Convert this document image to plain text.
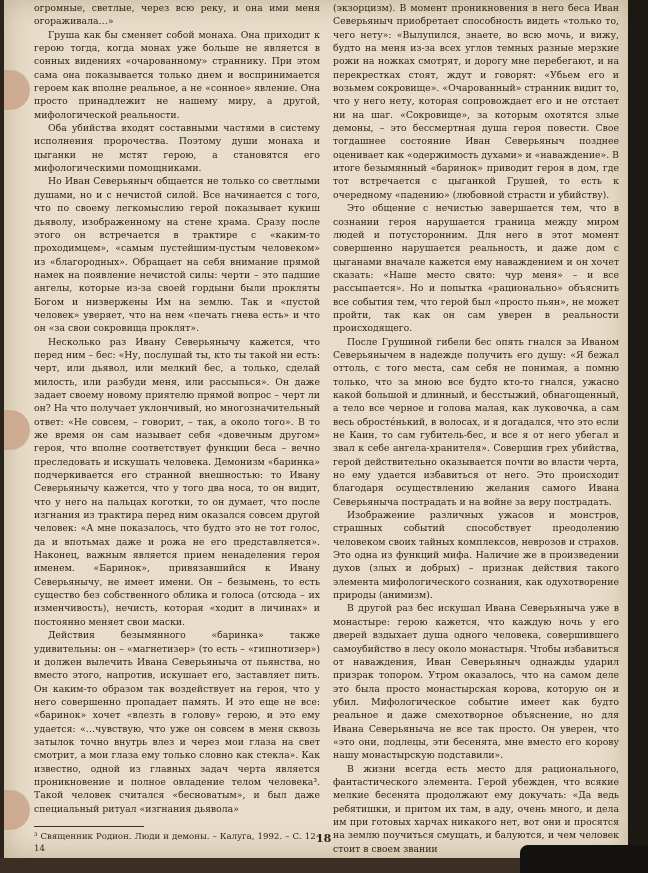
огромные, светлые, через всю реку, и она ими меня огораживала…»

Груша как бы сменяет собой монаха. Она приходит к герою тогда, когда монах уже больше не является в сонных видениях «очарованному» страннику. При этом сама она показывается только днем и воспринимается героем как вполне реальное, а не «сонное» явление. Она просто принадлежит не нашему миру, а другой, мифологической реальности.

Оба убийства входят составными частями в систему исполнения пророчества. Поэтому души монаха и цыганки не мстят герою, а становятся его мифологическими помощниками.

Но Иван Северьяныч общается не только со светлыми душами, но и с нечистой силой. Все начинается с того, что по своему легкомыслию герой показывает кукиш дьяволу, изображенному на стене храма. Сразу после этого он встречается в трактире с «каким-то проходимцем», «самым пустейшим-пустым человеком» из «благородных». Обращает на себя внимание прямой намек на появление нечистой силы: черти – это падшие ангелы, которые из-за своей гордыни были прокляты Богом и низвержены Им на землю. Так и «пустой человек» уверяет, что на нем «печать гнева есть» и что он «за свои сокровища проклят».

Несколько раз Ивану Северьянычу кажется, что перед ним – бес: «Ну, послушай ты, кто ты такой ни есть: черт, или дьявол, или мелкий бес, а только, сделай милость, или разбуди меня, или рассыпься». Он даже задает своему новому приятелю прямой вопрос – черт ли он? На что получает уклончивый, но многозначительный ответ: «Не совсем, – говорит, – так, а около того». В то же время он сам называет себя «довечным другом» героя, что вполне соответствует функции беса – вечно преследовать и искушать человека. Демонизм «баринка» подчеркивается его странной внешностью: то Ивану Северьянычу кажется, что у того два носа, то он видит, что у него на пальцах коготки, то он думает, что после изгнания из трактира перед ним оказался совсем другой человек: «А мне показалось, что будто это не тот голос, да и впотьмах даже и рожа не его представляется». Наконец, важным является прием ненаделения героя именем. «Баринок», привязавшийся к Ивану Северьянычу, не имеет имени. Он – безымень, то есть существо без собственного облика и голоса (отсюда – их изменчивость), нечисть, которая «ходит в личинах» и постоянно меняет свои маски.

Действия безымянного «баринка» также удивительны: он – «магнетизер» (то есть – «гипнотизер») и должен вылечить Ивана Северьяныча от пьянства, но вместо этого, напротив, искушает его, заставляет пить. Он каким-то образом так воздействует на героя, что у него совершенно пропадает память. И это еще не все: «баринок» хочет «влезть в голову» герою, и это ему удается: «…чувствую, что уже он совсем в меня сквозь затылок точно внутрь влез и через мои глаза на свет смотрит, а мои глаза ему только словно как стекла». Как известно, одной из главных задач черта является проникновение и полное овладение телом человека³. Такой человек считался «бесноватым», и был даже специальный ритуал «изгнания дьявола»

³ Священник Родион. Люди и демоны. – Калуга, 1992. – С. 12–14

(экзорцизм). В момент проникновения в него беса Иван Северьяныч приобретает способность видеть «только то, чего нету»: «Вылупился, знаете, во всю мочь, и вижу, будто на меня из-за всех углов темных разные мерзкие рожи на ножках смотрят, и дорогу мне перебегают, и на перекрестках стоят, ждут и говорят: «Убьем его и возьмем сокровище». «Очарованный» странник видит то, что у него нету, которая сопровождает его и не отстает ни на шаг. «Сокровище», за которым охотятся злые демоны, – это бессмертная душа героя повести. Свое тогдашнее состояние Иван Северьяныч позднее оценивает как «одержимость духами» и «наваждение». В итоге безымянный «баринок» приводит героя в дом, где тот встречается с цыганкой Грушей, то есть к очередному «падению» (любовной страсти и убийству).

Это общение с нечистью завершается тем, что в сознании героя нарушается граница между миром людей и потусторонним. Для него в этот момент совершенно нарушается реальность, и даже дом с цыганами вначале кажется ему наваждением и он хочет сказать: «Наше место свято: чур меня» – и все рассыпается». Но и попытка «рационально» объяснить все события тем, что герой был «просто пьян», не может пройти, так как он сам уверен в реальности происходящего.

После Грушиной гибели бес опять гнался за Иваном Северьянычем в надежде получить его душу: «Я бежал оттоль, с того места, сам себя не понимая, а помню только, что за мною все будто кто-то гнался, ужасно какой большой и длинный, и бесстыжий, обнагощенный, а тело все черное и голова малая, как луковочка, а сам весь обросте́нький, в волосах, и я догадался, что это если не Каин, то сам губитель-бес, и все я от него убегал и звал к себе ангела-хранителя». Совершив грех убийства, герой действительно оказывается почти во власти черта, но ему удается избавиться от него. Это происходит благодаря осуществлению желания самого Ивана Северьяныча пострадать и на войне за веру пострадать.

Изображение различных ужасов и монстров, страшных событий способствует преодолению человеком своих тайных комплексов, неврозов и страхов. Это одна из функций мифа. Наличие же в произведении духов (злых и добрых) – признак действия такого элемента мифологического сознания, как одухотворение природы (анимизм).

В другой раз бес искушал Ивана Северьяныча уже в монастыре: герою кажется, что каждую ночь у его дверей вздыхает душа одного человека, совершившего самоубийство в лесу около монастыря. Чтобы избавиться от наваждения, Иван Северьяныч однажды ударил призрак топором. Утром оказалось, что на самом деле это была просто монастырская корова, которую он и убил. Мифологическое событие имеет как будто реальное и даже смехотворное объяснение, но для Ивана Северьяныча не все так просто. Он уверен, что «это они, подлецы, эти бесенята, мне вместо его корову нашу монастырскую подставили».

В жизни всегда есть место для рационального, фантастического элемента. Герой убежден, что всякие мелкие бесенята продолжают ему докучать: «Да ведь ребятишки, и притом их там, в аду, очень много, и дела им при готовых харчах никакого нет, вот они и просятся на землю поучиться смущать, и балуются, и чем человек стоит в своем звании

18
